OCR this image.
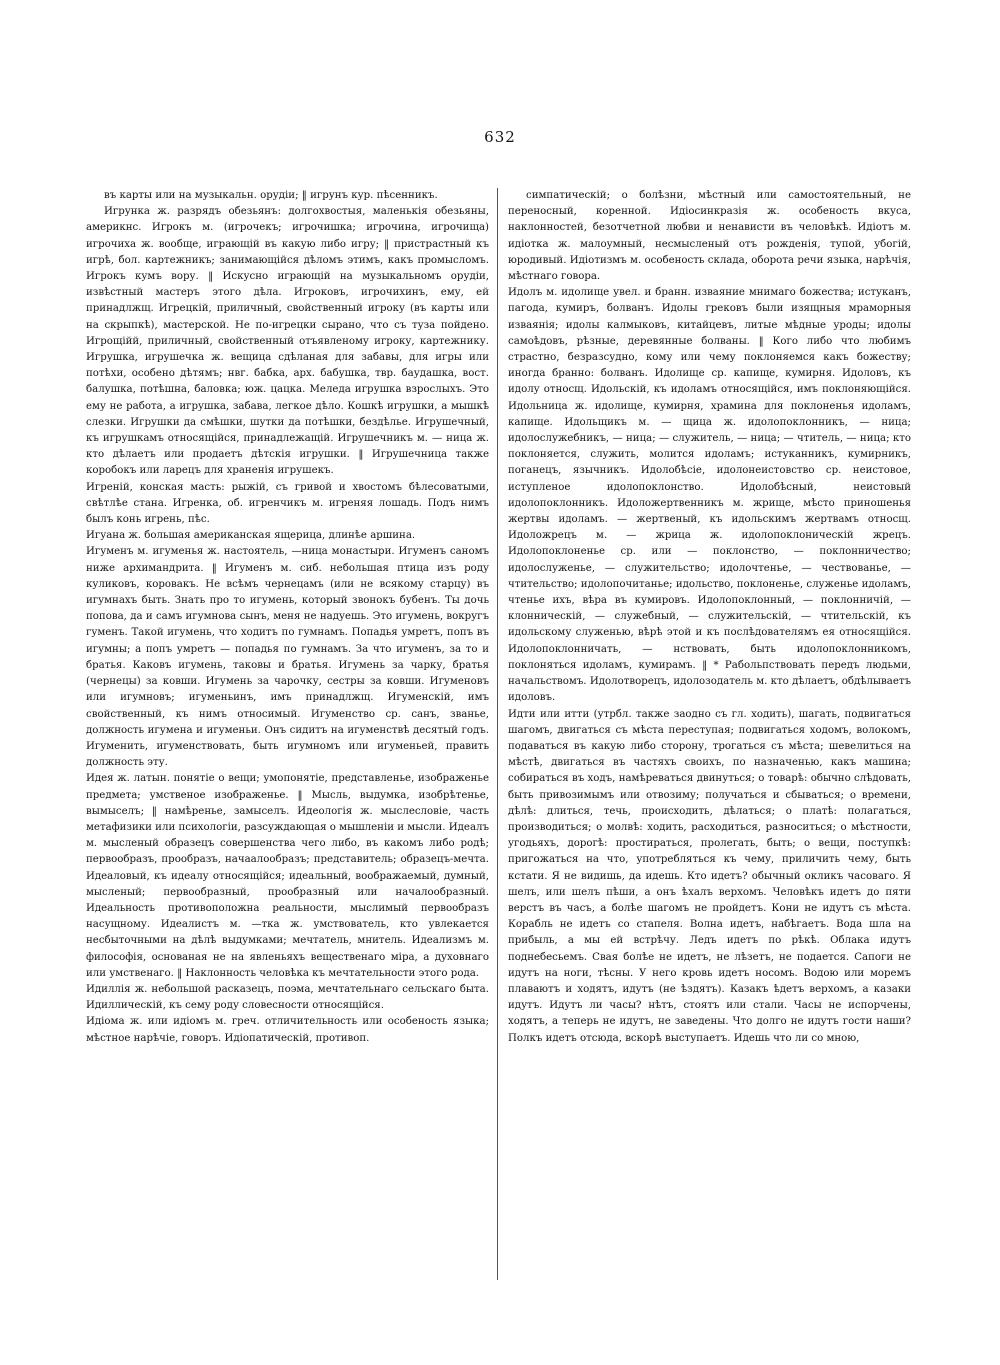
632

въ карты или на музыкальн. орудіи; ‖ игрунъ кур. пѣсенникъ.

Игрунка ж. разрядъ обезьянъ: долгохвостыя, маленькія обезьяны, америкнс. Игрокъ м. (игрочекъ; игрочишка; игрочина, игрочища) игрочиха ж. вообще, играющій въ какую либо игру; ‖ пристрастный къ игрѣ, бол. картежникъ; занимающійся дѣломъ этимъ, какъ промысломъ. Игрокъ кумъ вору. ‖ Искусно играющій на музыкальномъ орудіи, извѣстный мастеръ этого дѣла. Игроковъ, игрочихинъ, ему, ей принадлжщ. Игрецкій, приличный, свойственный игроку (въ карты или на скрыпкѣ), мастерской. Не по-игрецки сырано, что съ туза пойдено. Игрощійй, приличный, свойственный отъявленому игроку, картежнику. Игрушка, игрушечка ж. вещица сдѣланая для забавы, для игры или потѣхи, особено дѣтямъ; нвг. бабка, арх. бабушка, твр. баудашка, вост. балушка, потѣшна, баловка; юж. цацка. Меледа игрушка взрослыхъ. Это ему не работа, а игрушка, забава, легкое дѣло. Кошкѣ игрушки, а мышкѣ слезки. Игрушки да смѣшки, шутки да потѣшки, бездѣлье. Игрушечный, къ игрушкамъ относящійся, принадлежащій. Игрушечникъ м. — ница ж. кто дѣлаетъ или продаетъ дѣтскія игрушки. ‖ Игрушечница также коробокъ или ларецъ для храненія игрушекъ.

Игреній, конская масть: рыжій, съ гривой и хвостомъ бѣлесоватыми, свѣтлѣе стана. Игренка, об. игренчикъ м. игреняя лошадь. Подъ нимъ былъ конь игрень, пѣс.

Игуана ж. большая американская ящерица, длинѣе аршина.

Игуменъ м. игуменья ж. настоятель, —ница монастыри. Игуменъ саномъ ниже архимандрита. ‖ Игуменъ м. сиб. небольшая птица изъ роду куликовъ, коровакъ. Не всѣмъ чернецамъ (или не всякому старцу) въ игумнахъ быть. Знать про то игумень, который звонокъ бубенъ. Ты дочь попова, да и самъ игумнова сынъ, меня не надуешь. Это игумень, вокругъ гуменъ. Такой игумень, что ходитъ по гумнамъ. Попадья умретъ, попъ въ игумны; а попъ умретъ — попадья по гумнамъ. За что игуменъ, за то и братья. Каковъ игумень, таковы и братья. Игумень за чарку, братья (чернецы) за ковши. Игумень за чарочку, сестры за ковши. Игуменовъ или игумновъ; игуменьинъ, имъ принадлжщ. Игуменскій, имъ свойственный, къ нимъ относимый. Игуменство ср. санъ, званье, должность игумена и игуменьи. Онъ сидитъ на игуменствѣ десятый годъ. Игуменить, игуменствовать, быть игумномъ или игуменьей, править должность эту.

Идея ж. латын. понятіе о вещи; умопонятіе, представленье, изображенье предмета; умственое изображенье. ‖ Мысль, выдумка, изобрѣтенье, вымыселъ; ‖ намѣренье, замыселъ. Идеологія ж. мыслесловіе, часть метафизики или психологіи, разсуждающая о мышленіи и мысли. Идеалъ м. мысленый образецъ совершенства чего либо, въ какомъ либо родѣ; первообразъ, прообразъ, начаалообразъ; представитель; образецъ-мечта. Идеаловый, къ идеалу относящійся; идеальный, воображаемый, думный, мысленый; первообразный, прообразный или началообразный. Идеальность противоположна реальности, мыслимый первообразъ насущному. Идеалистъ м. —тка ж. умствователь, кто увлекается несбыточными на дѣлѣ выдумками; мечтатель, мнитель. Идеализмъ м. философія, основаная не на явленьяхъ вещественаго міра, а духовнаго или умственаго. ‖ Наклонность человѣка къ мечтательности этого рода.

Идиллія ж. небольшой расказецъ, поэма, мечтательнаго сельскаго быта. Идиллическій, къ сему роду словесности относящійся.

Идіома ж. или идіомъ м. греч. отличительность или особеность языка; мѣстное нарѣчіе, говоръ. Идіопатическій, противоп.

симпатическій; о болѣзни, мѣстный или самостоятельный, не переносный, коренной. Идіосинкразія ж. особеность вкуса, наклонностей, безотчетной любви и ненависти въ человѣкѣ. Идіотъ м. идіотка ж. малоумный, несмысленый отъ рожденія, тупой, убогій, юродивый. Идіотизмъ м. особеность склада, оборота речи языка, нарѣчія, мѣстнаго говора.

Идолъ м. идолище увел. и бранн. изваяние мнимаго божества; истуканъ, пагода, кумиръ, болванъ. Идолы грековъ были изящныя мраморныя изваянія; идолы калмыковъ, китайцевъ, литые мѣдные уроды; идолы самоѣдовъ, рѣзные, деревянные болваны. ‖ Кого либо что любимъ страстно, безразсудно, кому или чему поклоняемся какъ божеству; иногда бранно: болванъ. Идолище ср. капище, кумирня. Идоловъ, къ идолу относщ. Идольскій, къ идоламъ относящійся, имъ поклоняющійся. Идольница ж. идолище, кумирня, храмина для поклоненья идоламъ, капище. Идольщикъ м. — щица ж. идолопоклонникъ, — ница; идолослужебникъ, — ница; — служитель, — ница; — чтитель, — ница; кто поклоняется, служить, молится идоламъ; истуканникъ, кумирникъ, поганецъ, язычникъ. Идолобѣсіе, идолонеистовство ср. неистовое, иступленое идолопоклонство. Идолобѣсный, неистовый идолопоклонникъ. Идоложертвенникъ м. жрище, мѣсто приношенья жертвы идоламъ. — жертвеный, къ идольскимъ жертвамъ относщ. Идоложрецъ м. — жрица ж. идолопоклоническій жрецъ. Идолопоклоненье ср. или — поклонство, — поклонничество; идолослуженье, — служительство; идолочтенье, — чествованье, — чтительство; идолопочитанье; идольство, поклоненье, служенье идоламъ, чтенье ихъ, вѣра въ кумировъ. Идолопоклонный, — поклонничій, — клонническій, — служебный, — служительскій, — чтительскій, къ идольскому служенью, вѣрѣ этой и къ послѣдователямъ ея относящійся. Идолопоклонничать, — нствовать, быть идолопоклонникомъ, поклоняться идоламъ, кумирамъ. ‖ * Рабольпствовать передъ людьми, начальствомъ. Идолотворецъ, идолозодатель м. кто дѣлаетъ, обдѣлываетъ идоловъ.

Идти или итти (утрбл. также заодно съ гл. ходить), шагать, подвигаться шагомъ, двигаться съ мѣста переступая; подвигаться ходомъ, волокомъ, подаваться въ какую либо сторону, трогаться съ мѣста; шевелиться на мѣстѣ, двигаться въ частяхъ своихъ, по назначенью, какъ машина; собираться въ ходъ, намѣреваться двинуться; о товарѣ: обычно слѣдовать, быть привозимымъ или отвозиму; получаться и сбываться; о времени, дѣлѣ: длиться, течь, происходить, дѣлаться; о платѣ: полагаться, производиться; о молвѣ: ходить, расходиться, разноситься; о мѣстности, угодьяхъ, дорогѣ: простираться, пролегать, быть; о вещи, поступкѣ: пригожаться на что, употребляться къ чему, приличить чему, быть кстати. Я не видишь, да идешь. Кто идетъ? обычный окликъ часоваго. Я шелъ, или шелъ пѣши, а онъ ѣхалъ верхомъ. Человѣкъ идетъ до пяти верстъ въ часъ, а болѣе шагомъ не пройдетъ. Кони не идутъ съ мѣста. Корабль не идетъ со стапеля. Волна идетъ, набѣгаетъ. Вода шла на прибыль, а мы ей встрѣчу. Ледъ идетъ по рѣкѣ. Облака идутъ поднебесьемъ. Свая болѣе не идетъ, не лѣзетъ, не подается. Сапоги не идутъ на ноги, тѣсны. У него кровь идетъ носомъ. Водою или моремъ плаваютъ и ходятъ, идутъ (не ѣздятъ). Казакъ ѣдетъ верхомъ, а казаки идутъ. Идутъ ли часы? нѣтъ, стоятъ или стали. Часы не испорчены, ходятъ, а теперь не идутъ, не заведены. Что долго не идутъ гости наши? Полкъ идетъ отсюда, вскорѣ выступаетъ. Идешь что ли со мною,
